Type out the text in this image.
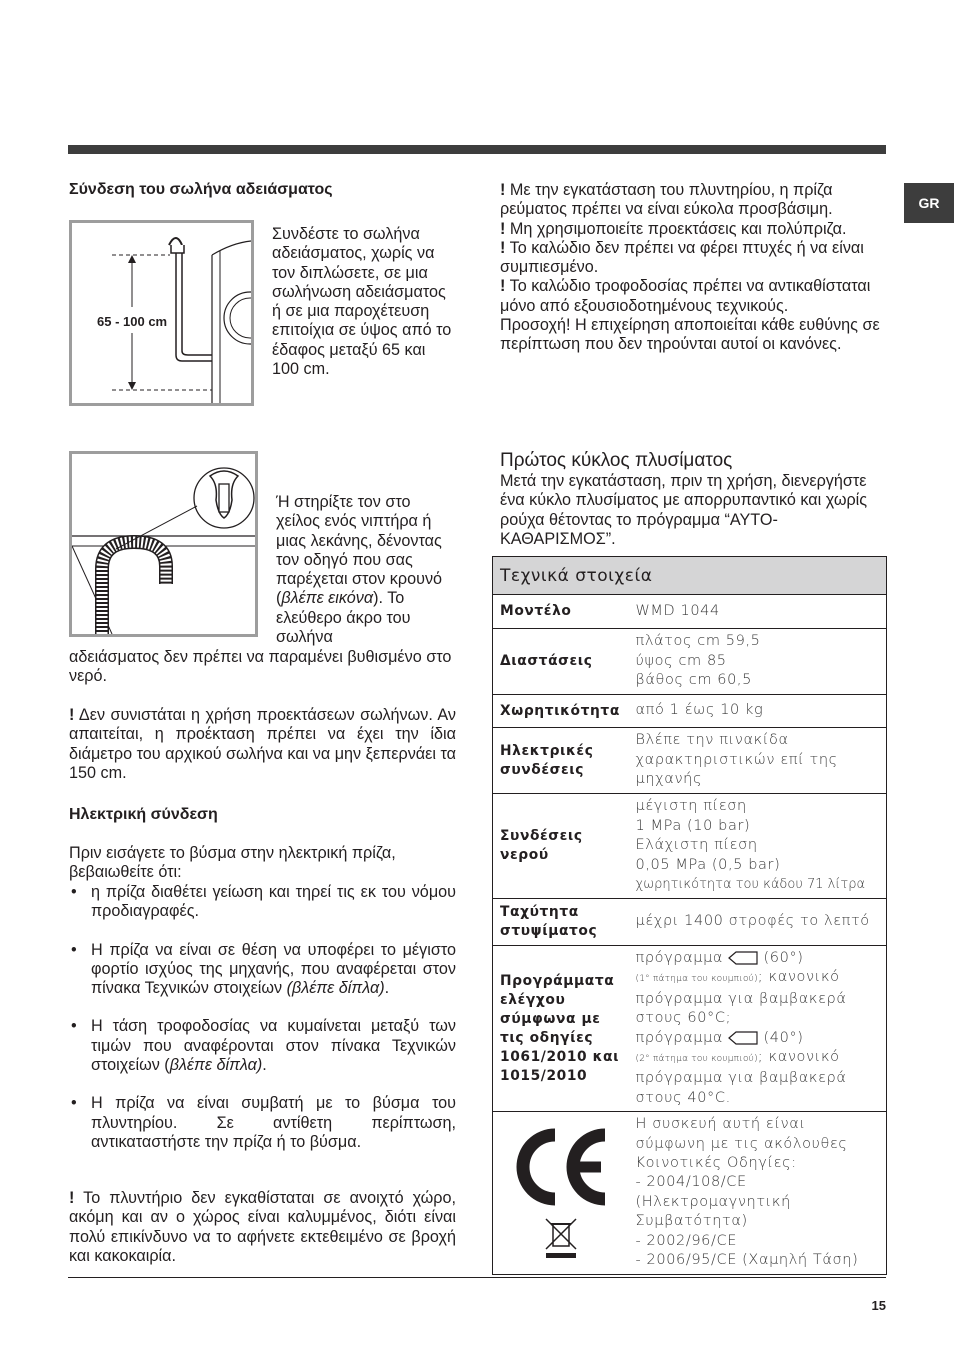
GR
Σύνδεση του σωλήνα αδειάσματος
65 - 100 cm
Συνδέστε το σωλήνα αδειάσματος, χωρίς να τον διπλώσετε, σε μια σωλήνωση αδειάσματος ή σε μια παροχέτευση επιτοίχια σε ύψος από το έδαφος μεταξύ 65 και 100 cm.
Ή στηρίξτε τον στο χείλος ενός νιπτήρα ή μιας λεκάνης, δένοντας τον οδηγό που σας παρέχεται στον κρουνό (βλέπε εικόνα). Το ελεύθερο άκρο του σωλήνα
αδειάσματος δεν πρέπει να παραμένει βυθισμένο στο νερό.
! Δεν συνιστάται η χρήση προεκτάσεων σωλήνων. Αν απαιτείται, η προέκταση πρέπει να έχει την ίδια διάμετρο του αρχικού σωλήνα και να μην ξεπερνάει τα 150 cm.
Ηλεκτρική σύνδεση
Πριν εισάγετε το βύσμα στην ηλεκτρική πρίζα, βεβαιωθείτε ότι:
• η πρίζα διαθέτει γείωση και τηρεί τις εκ του νόμου προδιαγραφές.
• Η πρίζα να είναι σε θέση να υποφέρει το μέγιστο φορτίο ισχύος της μηχανής, που αναφέρεται στον πίνακα Τεχνικών στοιχείων (βλέπε δίπλα).
• Η τάση τροφοδοσίας να κυμαίνεται μεταξύ των τιμών που αναφέρονται στον πίνακα Τεχνικών στοιχείων (βλέπε δίπλα).
• Η πρίζα να είναι συμβατή με το βύσμα του πλυντηρίου. Σε αντίθετη περίπτωση, αντικαταστήστε την πρίζα ή το βύσμα.
! Το πλυντήριο δεν εγκαθίσταται σε ανοιχτό χώρο, ακόμη και αν ο χώρος είναι καλυμμένος, διότι είναι πολύ επικίνδυνο να το αφήνετε εκτεθειμένο σε βροχή και κακοκαιρία.
! Με την εγκατάσταση του πλυντηρίου, η πρίζα ρεύματος πρέπει να είναι εύκολα προσβάσιμη.
! Μη χρησιμοποιείτε προεκτάσεις και πολύπριζα.
! Το καλώδιο δεν πρέπει να φέρει πτυχές ή να είναι συμπιεσμένο.
! Το καλώδιο τροφοδοσίας πρέπει να αντικαθίσταται μόνο από εξουσιοδοτημένους τεχνικούς.
Προσοχή! Η επιχείρηση αποποιείται κάθε ευθύνης σε περίπτωση που δεν τηρούνται αυτοί οι κανόνες.
Πρώτος κύκλος πλυσίματος
Μετά την εγκατάσταση, πριν τη χρήση, διενεργήστε ένα κύκλο πλυσίματος με απορρυπαντικό και χωρίς ρούχα θέτοντας το πρόγραμμα “ΑΥΤΟ-ΚΑΘΑΡΙΣΜΟΣ”.
Τεχνικά στοιχεία	
Μοντέλο	WMD 1044
Διαστάσεις	πλάτος cm 59,5
ύψος cm 85
βάθος cm 60,5

Χωρητικότητα	από 1 έως 10 kg
Ηλεκτρικές συνδέσεις	Βλέπε την πινακίδα χαρακτηριστικών επί της μηχανής
Συνδέσεις νερού	μέγιστη πίεση
1 MPa (10 bar)
Ελάχιστη πίεση
0,05 MPa (0,5 bar)
χωρητικότητα του κάδου 71 λίτρα

Ταχύτητα στυψίματος	μέχρι 1400 στροφές το λεπτό
Προγράμματα ελέγχου σύμφωνα με τις οδηγίες 1061/2010 και 1015/2010	πρόγραμμα (60°)
(1° πάτημα του κουμπιού); κανονικό πρόγραμμα για βαμβακερά στους 60°C;
πρόγραμμα (40°)
(2° πάτημα του κουμπιού); κανονικό πρόγραμμα για βαμβακερά στους 40°C.

Η συσκευή αυτή είναι σύμφωνη με τις ακόλουθες Κοινοτικές Οδηγίες:
- 2004/108/CE (Ηλεκτρομαγνητική Συμβατότητα)
- 2002/96/CE
- 2006/95/CE (Χαμηλή Τάση)
15
